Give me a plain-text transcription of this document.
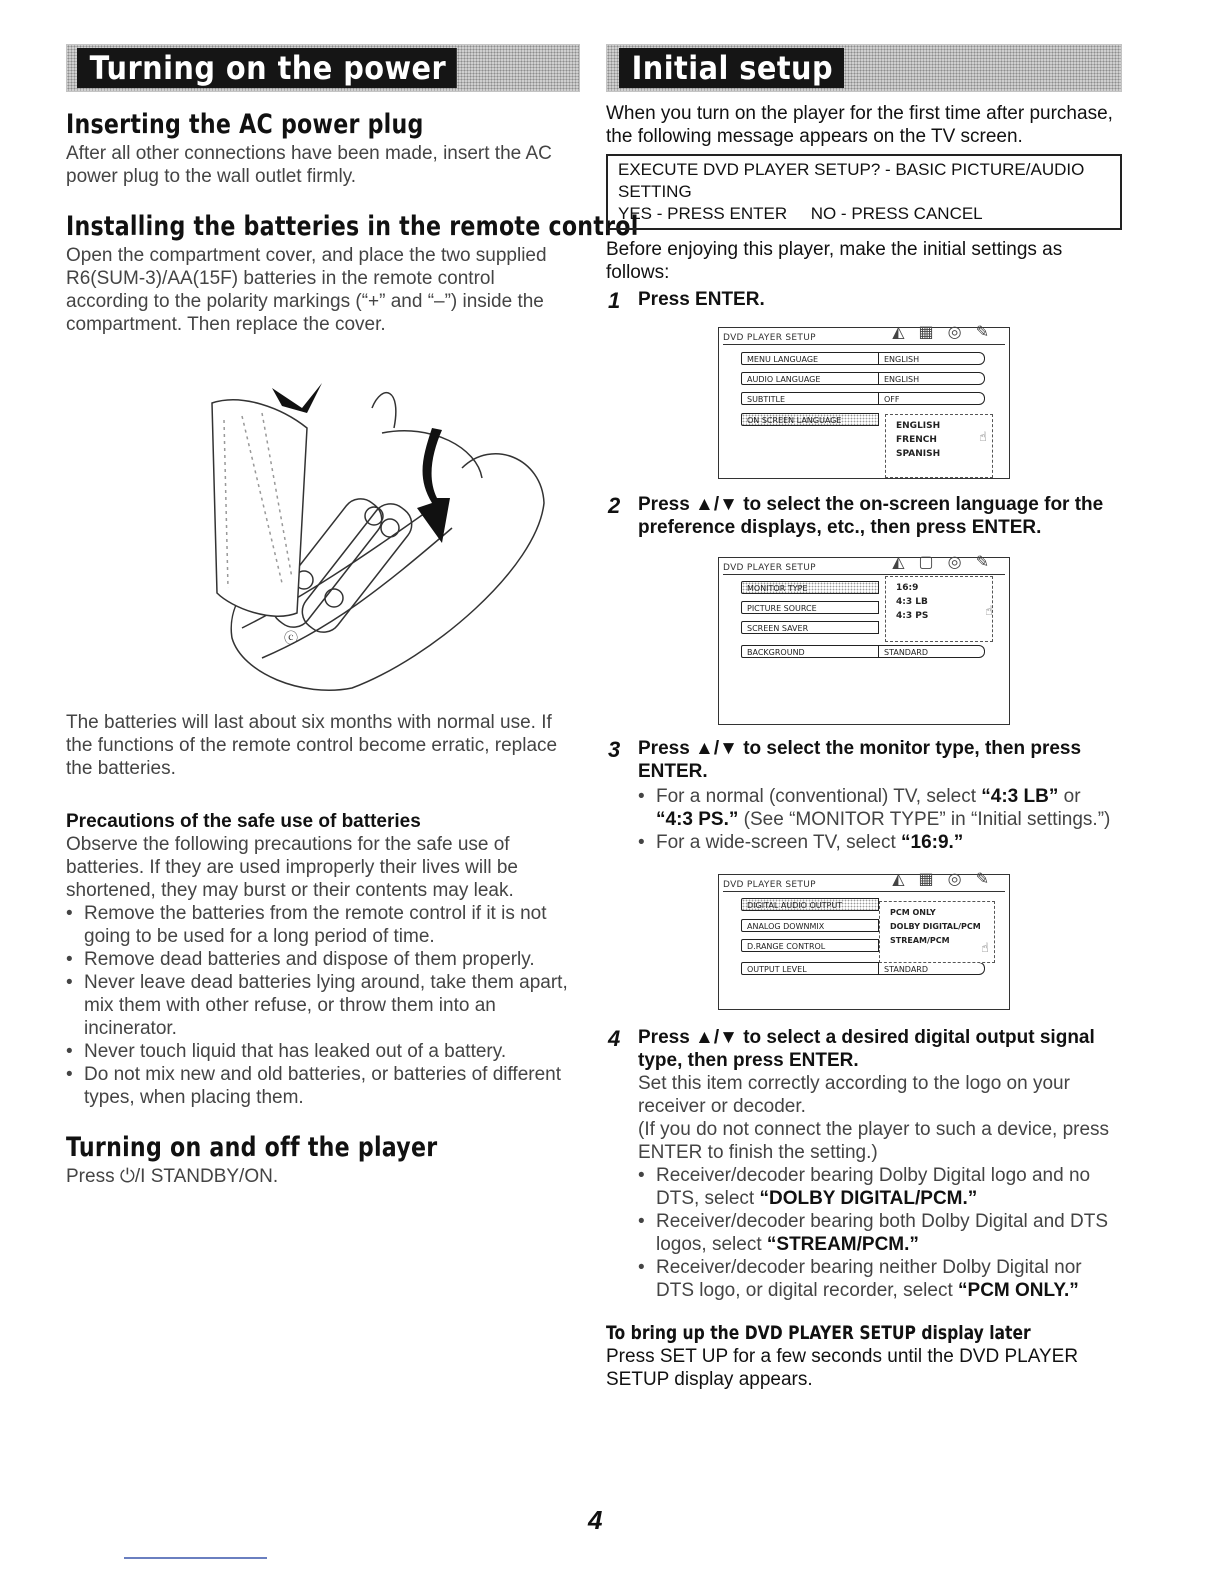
Turning on the power
Inserting the AC power plug

After all other connections have been made, insert the AC power plug to the wall outlet firmly.

Installing the batteries in the remote control

Open the compartment cover, and place the two supplied R6(SUM-3)/AA(15F) batteries in the remote control according to the polarity markings (“+” and “–”) inside the compartment. Then replace the cover.

ⓒ

The batteries will last about six months with normal use. If the functions of the remote control become erratic, replace the batteries.

Precautions of the safe use of batteries

Observe the following precautions for the safe use of batteries. If they are used improperly their lives will be shortened, they may burst or their contents may leak.

• Remove the batteries from the remote control if it is not going to be used for a long period of time.
• Remove dead batteries and dispose of them properly.
• Never leave dead batteries lying around, take them apart, mix them with other refuse, or throw them into an incinerator.
• Never touch liquid that has leaked out of a battery.
• Do not mix new and old batteries, or batteries of different types, when placing them.
Turning on and off the player

Press ⏻/I STANDBY/ON.

Initial setup

When you turn on the player for the first time after purchase, the following message appears on the TV screen.

EXECUTE DVD PLAYER SETUP? - BASIC PICTURE/AUDIO
SETTING
YES - PRESS ENTER     NO - PRESS CANCEL

Before enjoying this player, make the initial settings as follows:

1 Press ENTER.
DVD PLAYER SETUP	◭▦◎✎
MENU LANGUAGE	ENGLISH
AUDIO LANGUAGE	ENGLISH
SUBTITLE	OFF
ON SCREEN LANGUAGE
ENGLISH
FRENCH
SPANISH
☝
2 Press ▲/▼ to select the on-screen language for the preference displays, etc., then press ENTER.
DVD PLAYER SETUP	◭▢◎✎
MONITOR TYPE
PICTURE SOURCE
SCREEN SAVER
BACKGROUND	STANDARD
16:9
4:3 LB
4:3 PS	☝
3 Press ▲/▼ to select the monitor type, then press ENTER.
• For a normal (conventional) TV, select “4:3 LB” or “4:3 PS.” (See “MONITOR TYPE” in “Initial settings.”)
• For a wide-screen TV, select “16:9.”
DVD PLAYER SETUP	◭▦◎✎
DIGITAL AUDIO OUTPUT
ANALOG DOWNMIX
D.RANGE CONTROL
OUTPUT LEVEL	STANDARD
PCM ONLY
DOLBY DIGITAL/PCM
STREAM/PCM
☝
4 Press ▲/▼ to select a desired digital output signal type, then press ENTER.

Set this item correctly according to the logo on your receiver or decoder.

(If you do not connect the player to such a device, press ENTER to finish the setting.)

• Receiver/decoder bearing Dolby Digital logo and no DTS, select “DOLBY DIGITAL/PCM.”
• Receiver/decoder bearing both Dolby Digital and DTS logos, select “STREAM/PCM.”
• Receiver/decoder bearing neither Dolby Digital nor DTS logo, or digital recorder, select “PCM ONLY.”
To bring up the DVD PLAYER SETUP display later

Press SET UP for a few seconds until the DVD PLAYER SETUP display appears.

4
